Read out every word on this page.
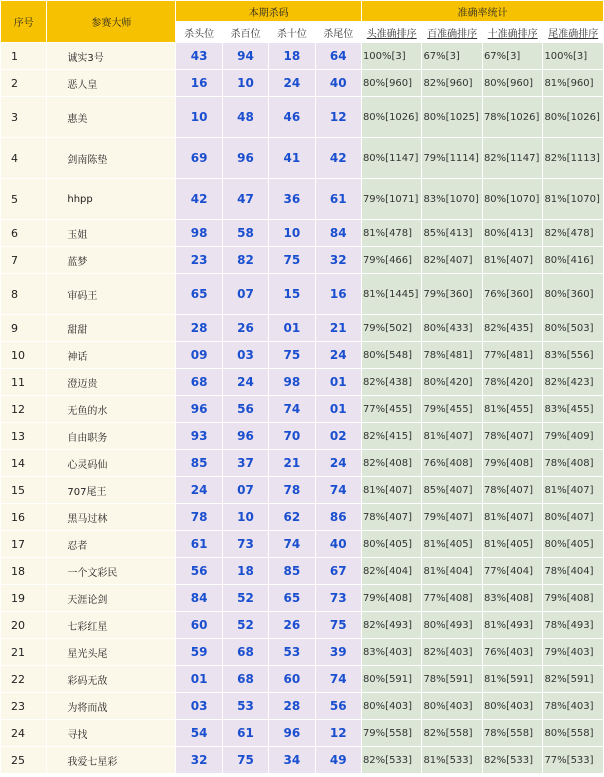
序号	参赛大师	本期杀码				准确率统计			
		杀头位	杀百位	杀十位	杀尾位	头准确排序	百准确排序	十准确排序	尾准确排序
1	诚实3号	43	94	18	64	100%[3]	67%[3]	67%[3]	100%[3]
2	恶人皇	16	10	24	40	80%[960]	82%[960]	80%[960]	81%[960]
3	惠美	10	48	46	12	80%[1026]	80%[1025]	78%[1026]	80%[1026]
4	剑南陈垫	69	96	41	42	80%[1147]	79%[1114]	82%[1147]	82%[1113]
5	hhpp	42	47	36	61	79%[1071]	83%[1070]	80%[1070]	81%[1070]
6	玉姐	98	58	10	84	81%[478]	85%[413]	80%[413]	82%[478]
7	蓝梦	23	82	75	32	79%[466]	82%[407]	81%[407]	80%[416]
8	审码王	65	07	15	16	81%[1445]	79%[360]	76%[360]	80%[360]
9	甜甜	28	26	01	21	79%[502]	80%[433]	82%[435]	80%[503]
10	神话	09	03	75	24	80%[548]	78%[481]	77%[481]	83%[556]
11	澄迈贵	68	24	98	01	82%[438]	80%[420]	78%[420]	82%[423]
12	无鱼的水	96	56	74	01	77%[455]	79%[455]	81%[455]	83%[455]
13	自由职务	93	96	70	02	82%[415]	81%[407]	78%[407]	79%[409]
14	心灵码仙	85	37	21	24	82%[408]	76%[408]	79%[408]	78%[408]
15	707尾王	24	07	78	74	81%[407]	85%[407]	78%[407]	81%[407]
16	黑马过林	78	10	62	86	78%[407]	79%[407]	81%[407]	80%[407]
17	忍者	61	73	74	40	80%[405]	81%[405]	81%[405]	80%[405]
18	一个文彩民	56	18	85	67	82%[404]	81%[404]	77%[404]	78%[404]
19	天涯论剑	84	52	65	73	79%[408]	77%[408]	83%[408]	79%[408]
20	七彩红星	60	52	26	75	82%[493]	80%[493]	81%[493]	78%[493]
21	星光头尾	59	68	53	39	83%[403]	82%[403]	76%[403]	79%[403]
22	彩码无敌	01	68	60	74	80%[591]	78%[591]	81%[591]	82%[591]
23	为将而战	03	53	28	56	80%[403]	80%[403]	80%[403]	78%[403]
24	寻找	54	61	96	12	79%[558]	82%[558]	78%[558]	80%[558]
25	我爱七星彩	32	75	34	49	82%[533]	81%[533]	82%[533]	77%[533]
